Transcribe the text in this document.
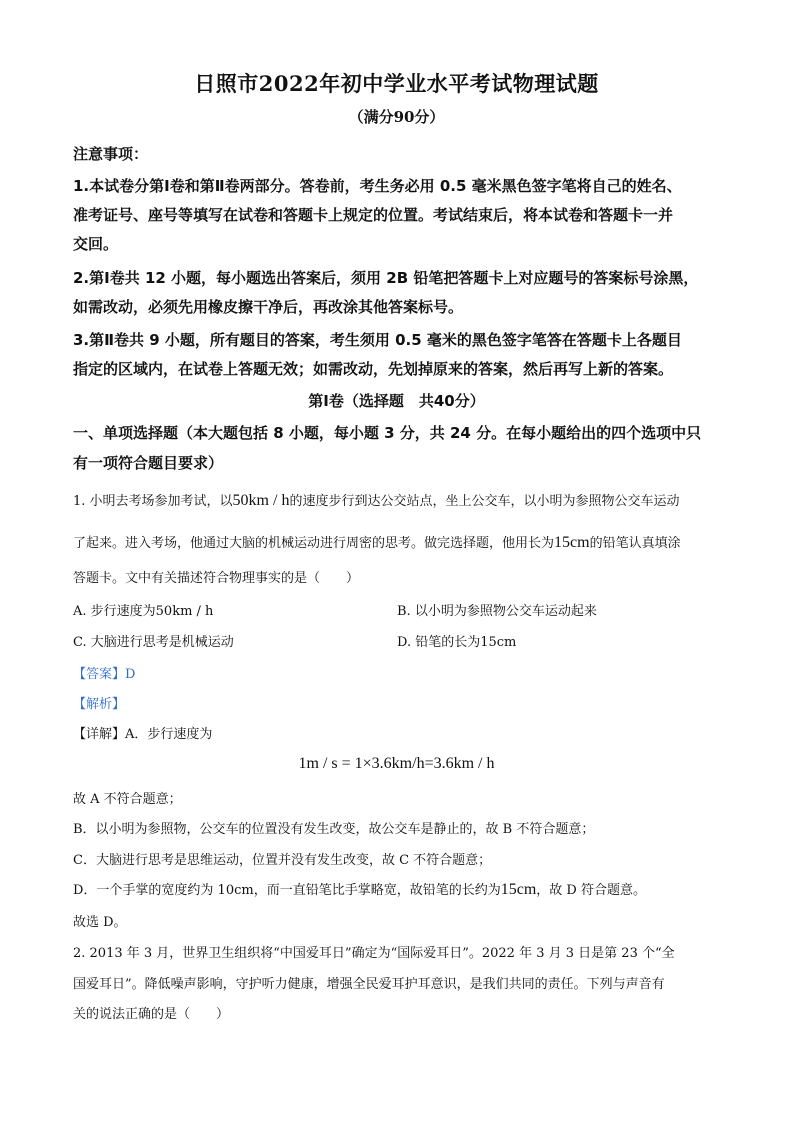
日照市2022年初中学业水平考试物理试题
（满分90分）
注意事项：
1.本试卷分第Ⅰ卷和第Ⅱ卷两部分。答卷前，考生务必用 0.5 毫米黑色签字笔将自己的姓名、
准考证号、座号等填写在试卷和答题卡上规定的位置。考试结束后，将本试卷和答题卡一并
交回。
2.第Ⅰ卷共 12 小题，每小题选出答案后，须用 2B 铅笔把答题卡上对应题号的答案标号涂黑，
如需改动，必须先用橡皮擦干净后，再改涂其他答案标号。
3.第Ⅱ卷共 9 小题，所有题目的答案，考生须用 0.5 毫米的黑色签字笔答在答题卡上各题目
指定的区域内，在试卷上答题无效；如需改动，先划掉原来的答案，然后再写上新的答案。
第Ⅰ卷（选择题　共40分）
一、单项选择题（本大题包括 8 小题，每小题 3 分，共 24 分。在每小题给出的四个选项中只
有一项符合题目要求）
1. 小明去考场参加考试，以50km / h的速度步行到达公交站点，坐上公交车，以小明为参照物公交车运动
了起来。进入考场，他通过大脑的机械运动进行周密的思考。做完选择题，他用长为15cm的铅笔认真填涂
答题卡。文中有关描述符合物理事实的是（　　）
A. 步行速度为50km / h	B. 以小明为参照物公交车运动起来
C. 大脑进行思考是机械运动	D. 铅笔的长为15cm
【答案】D
【解析】
【详解】A．步行速度为
1m / s = 1×3.6km/h=3.6km / h
故 A 不符合题意；
B．以小明为参照物，公交车的位置没有发生改变，故公交车是静止的，故 B 不符合题意；
C．大脑进行思考是思维运动，位置并没有发生改变，故 C 不符合题意；
D．一个手掌的宽度约为 10cm，而一直铅笔比手掌略宽，故铅笔的长约为15cm，故 D 符合题意。
故选 D。
2. 2013 年 3 月，世界卫生组织将“中国爱耳日”确定为“国际爱耳日”。2022 年 3 月 3 日是第 23 个“全
国爱耳日”。降低噪声影响，守护听力健康，增强全民爱耳护耳意识，是我们共同的责任。下列与声音有
关的说法正确的是（　　）
